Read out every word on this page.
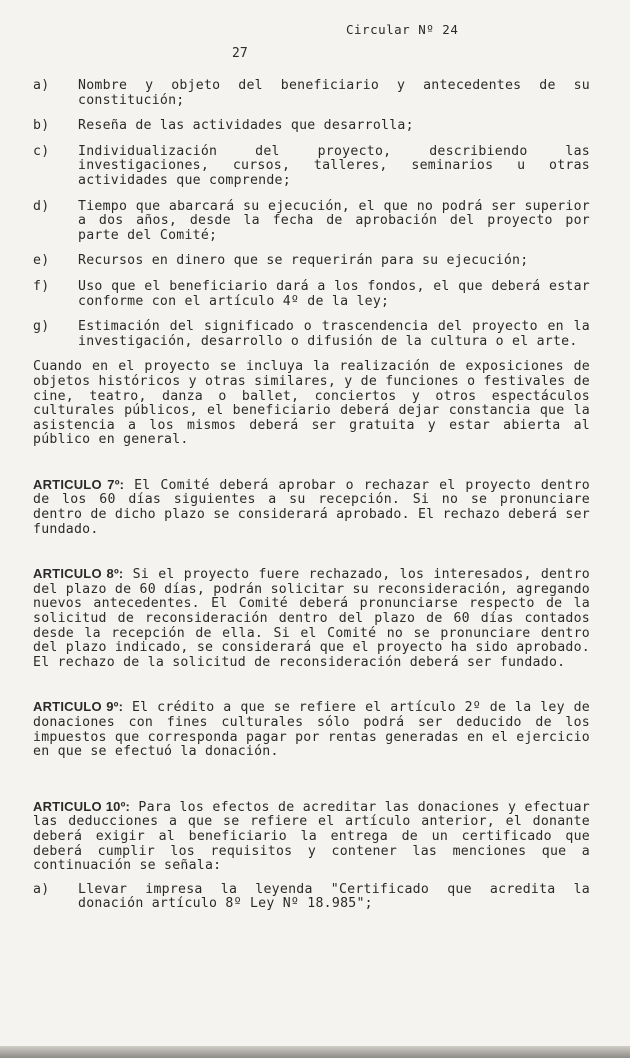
Circular Nº 24
27
a)	Nombre y objeto del beneficiario y antecedentes de su constitución;
b)	Reseña de las actividades que desarrolla;
c)	Individualización del proyecto, describiendo las investigaciones, cursos, talleres, seminarios u otras actividades que comprende;
d)	Tiempo que abarcará su ejecución, el que no podrá ser superior a dos años, desde la fecha de aprobación del proyecto por parte del Comité;
e)	Recursos en dinero que se requerirán para su ejecución;
f)	Uso que el beneficiario dará a los fondos, el que deberá estar conforme con el artículo 4º de la ley;
g)	Estimación del significado o trascendencia del proyecto en la investigación, desarrollo o difusión de la cultura o el arte.

Cuando en el proyecto se incluya la realización de exposiciones de objetos históricos y otras similares, y de funciones o festivales de cine, teatro, danza o ballet, conciertos y otros espectáculos culturales públicos, el beneficiario deberá dejar constancia que la asistencia a los mismos deberá ser gratuita y estar abierta al público en general.

ARTICULO 7º: El Comité deberá aprobar o rechazar el proyecto dentro de los 60 días siguientes a su recepción. Si no se pronunciare dentro de dicho plazo se considerará aprobado. El rechazo deberá ser fundado.

ARTICULO 8º: Si el proyecto fuere rechazado, los interesados, dentro del plazo de 60 días, podrán solicitar su reconsideración, agregando nuevos antecedentes. El Comité deberá pronunciarse respecto de la solicitud de reconsideración dentro del plazo de 60 días contados desde la recepción de ella. Si el Comité no se pronunciare dentro del plazo indicado, se considerará que el proyecto ha sido aprobado. El rechazo de la solicitud de reconsideración deberá ser fundado.

ARTICULO 9º: El crédito a que se refiere el artículo 2º de la ley de donaciones con fines culturales sólo podrá ser deducido de los impuestos que corresponda pagar por rentas generadas en el ejercicio en que se efectuó la donación.

ARTICULO 10º: Para los efectos de acreditar las donaciones y efectuar las deducciones a que se refiere el artículo anterior, el donante deberá exigir al beneficiario la entrega de un certificado que deberá cumplir los requisitos y contener las menciones que a continuación se señala:

a)	Llevar impresa la leyenda "Certificado que acredita la donación artículo 8º Ley Nº 18.985";
